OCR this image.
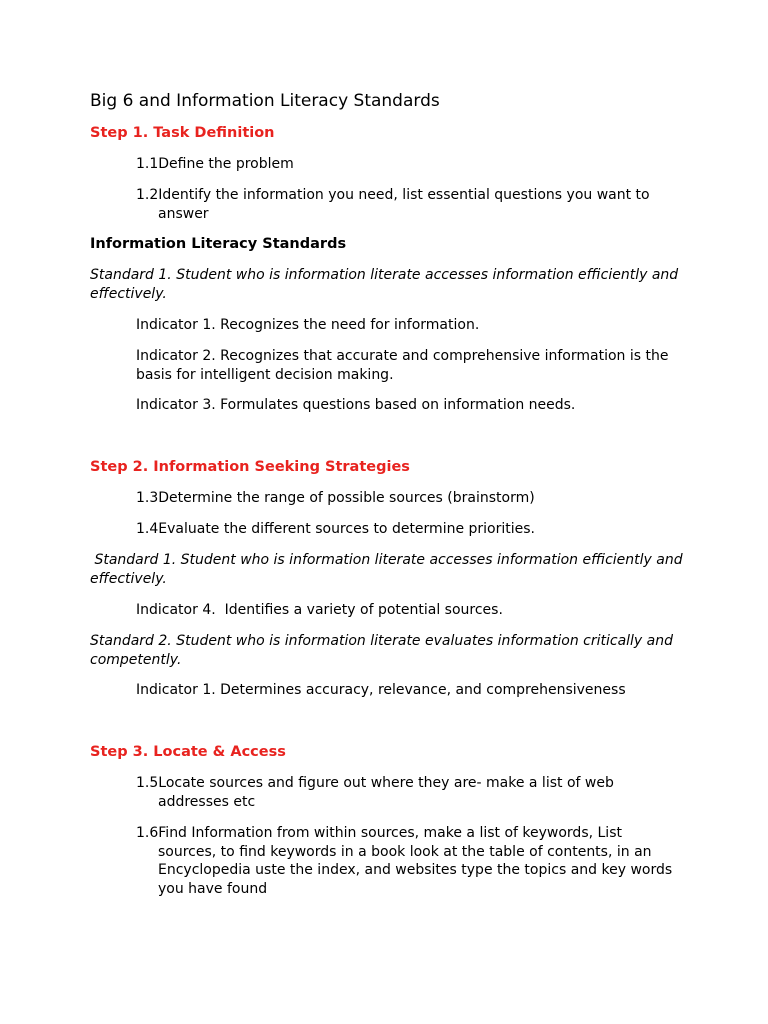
Big 6 and Information Literacy Standards
Step 1. Task Definition
1.1Define the problem
1.2Identify the information you need, list essential questions you want to
answer
Information Literacy Standards
Standard 1. Student who is information literate accesses information efficiently and
effectively.
Indicator 1. Recognizes the need for information.
Indicator 2. Recognizes that accurate and comprehensive information is the
basis for intelligent decision making.
Indicator 3. Formulates questions based on information needs.
Step 2. Information Seeking Strategies
1.3Determine the range of possible sources (brainstorm)
1.4Evaluate the different sources to determine priorities.
Standard 1. Student who is information literate accesses information efficiently and
effectively.
Indicator 4.  Identifies a variety of potential sources.
Standard 2. Student who is information literate evaluates information critically and
competently.
Indicator 1. Determines accuracy, relevance, and comprehensiveness
Step 3. Locate & Access
1.5Locate sources and figure out where they are- make a list of web
addresses etc
1.6Find Information from within sources, make a list of keywords, List
sources, to find keywords in a book look at the table of contents, in an
Encyclopedia uste the index, and websites type the topics and key words
you have found
